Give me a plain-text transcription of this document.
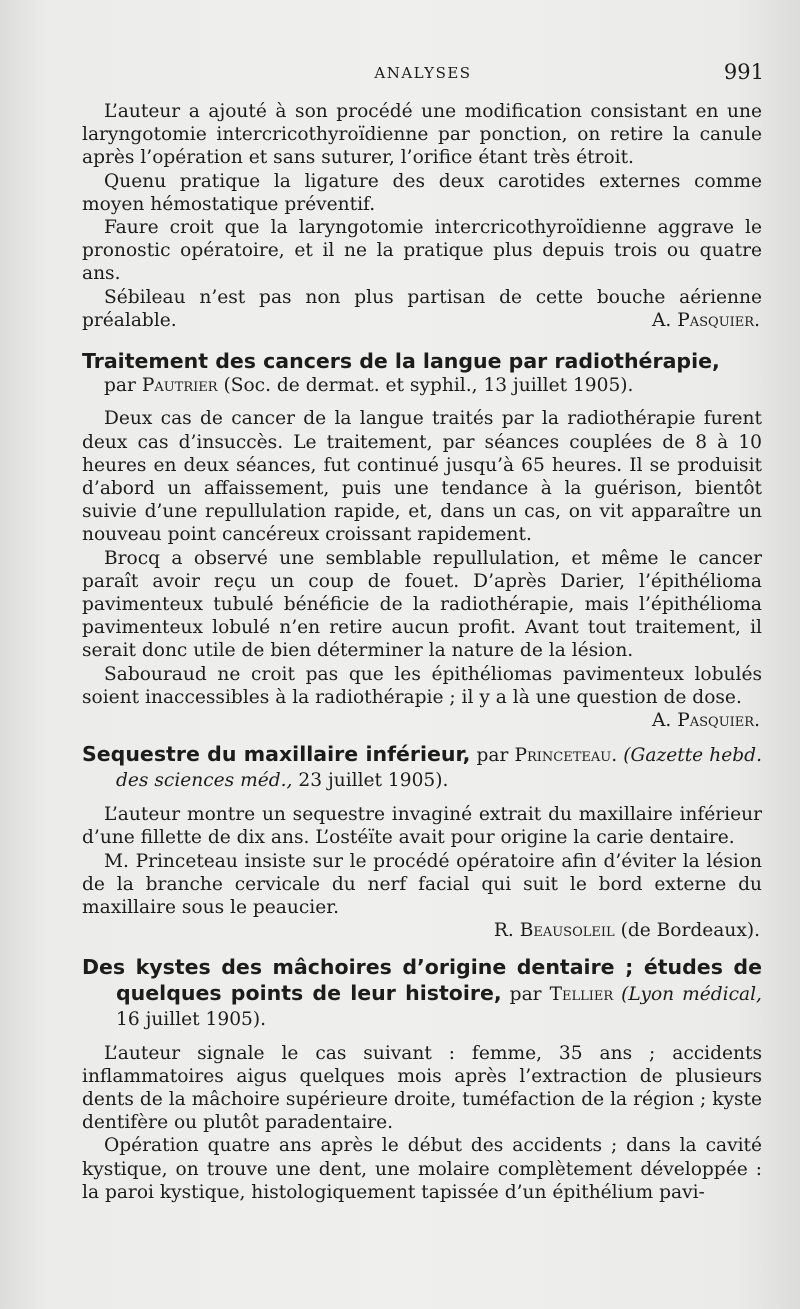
ANALYSES	991

L’auteur a ajouté à son procédé une modification consistant en une laryngotomie intercricothyroïdienne par ponction, on retire la canule après l’opération et sans suturer, l’orifice étant très étroit.

Quenu pratique la ligature des deux carotides externes comme moyen hémostatique préventif.

Faure croit que la laryngotomie intercricothyroïdienne aggrave le pronostic opératoire, et il ne la pratique plus depuis trois ou quatre ans.

Sébileau n’est pas non plus partisan de cette bouche aérienne préalable.	A. Pasquier.

Traitement des cancers de la langue par radiothérapie,
par Pautrier (Soc. de dermat. et syphil., 13 juillet 1905).

Deux cas de cancer de la langue traités par la radiothérapie furent deux cas d’insuccès. Le traitement, par séances couplées de 8 à 10 heures en deux séances, fut continué jusqu’à 65 heures. Il se produisit d’abord un affaissement, puis une tendance à la guérison, bientôt suivie d’une repullulation rapide, et, dans un cas, on vit apparaître un nouveau point cancéreux croissant rapidement.

Brocq a observé une semblable repullulation, et même le cancer paraît avoir reçu un coup de fouet. D’après Darier, l’épithélioma pavimenteux tubulé bénéficie de la radiothérapie, mais l’épithélioma pavimenteux lobulé n’en retire aucun profit. Avant tout traitement, il serait donc utile de bien déterminer la nature de la lésion.

Sabouraud ne croit pas que les épithéliomas pavimenteux lobulés soient inaccessibles à la radiothérapie ; il y a là une question de dose.

A. Pasquier.

Sequestre du maxillaire inférieur, par Princeteau. (Gazette hebd. des sciences méd., 23 juillet 1905).

L’auteur montre un sequestre invaginé extrait du maxillaire inférieur d’une fillette de dix ans. L’ostéïte avait pour origine la carie dentaire.

M. Princeteau insiste sur le procédé opératoire afin d’éviter la lésion de la branche cervicale du nerf facial qui suit le bord externe du maxillaire sous le peaucier.

R. Beausoleil (de Bordeaux).

Des kystes des mâchoires d’origine dentaire ; études de quelques points de leur histoire, par Tellier (Lyon médical, 16 juillet 1905).

L’auteur signale le cas suivant : femme, 35 ans ; accidents inflammatoires aigus quelques mois après l’extraction de plusieurs dents de la mâchoire supérieure droite, tuméfaction de la région ; kyste dentifère ou plutôt paradentaire.

Opération quatre ans après le début des accidents ; dans la cavité kystique, on trouve une dent, une molaire complètement développée : la paroi kystique, histologiquement tapissée d’un épithélium pavi-
